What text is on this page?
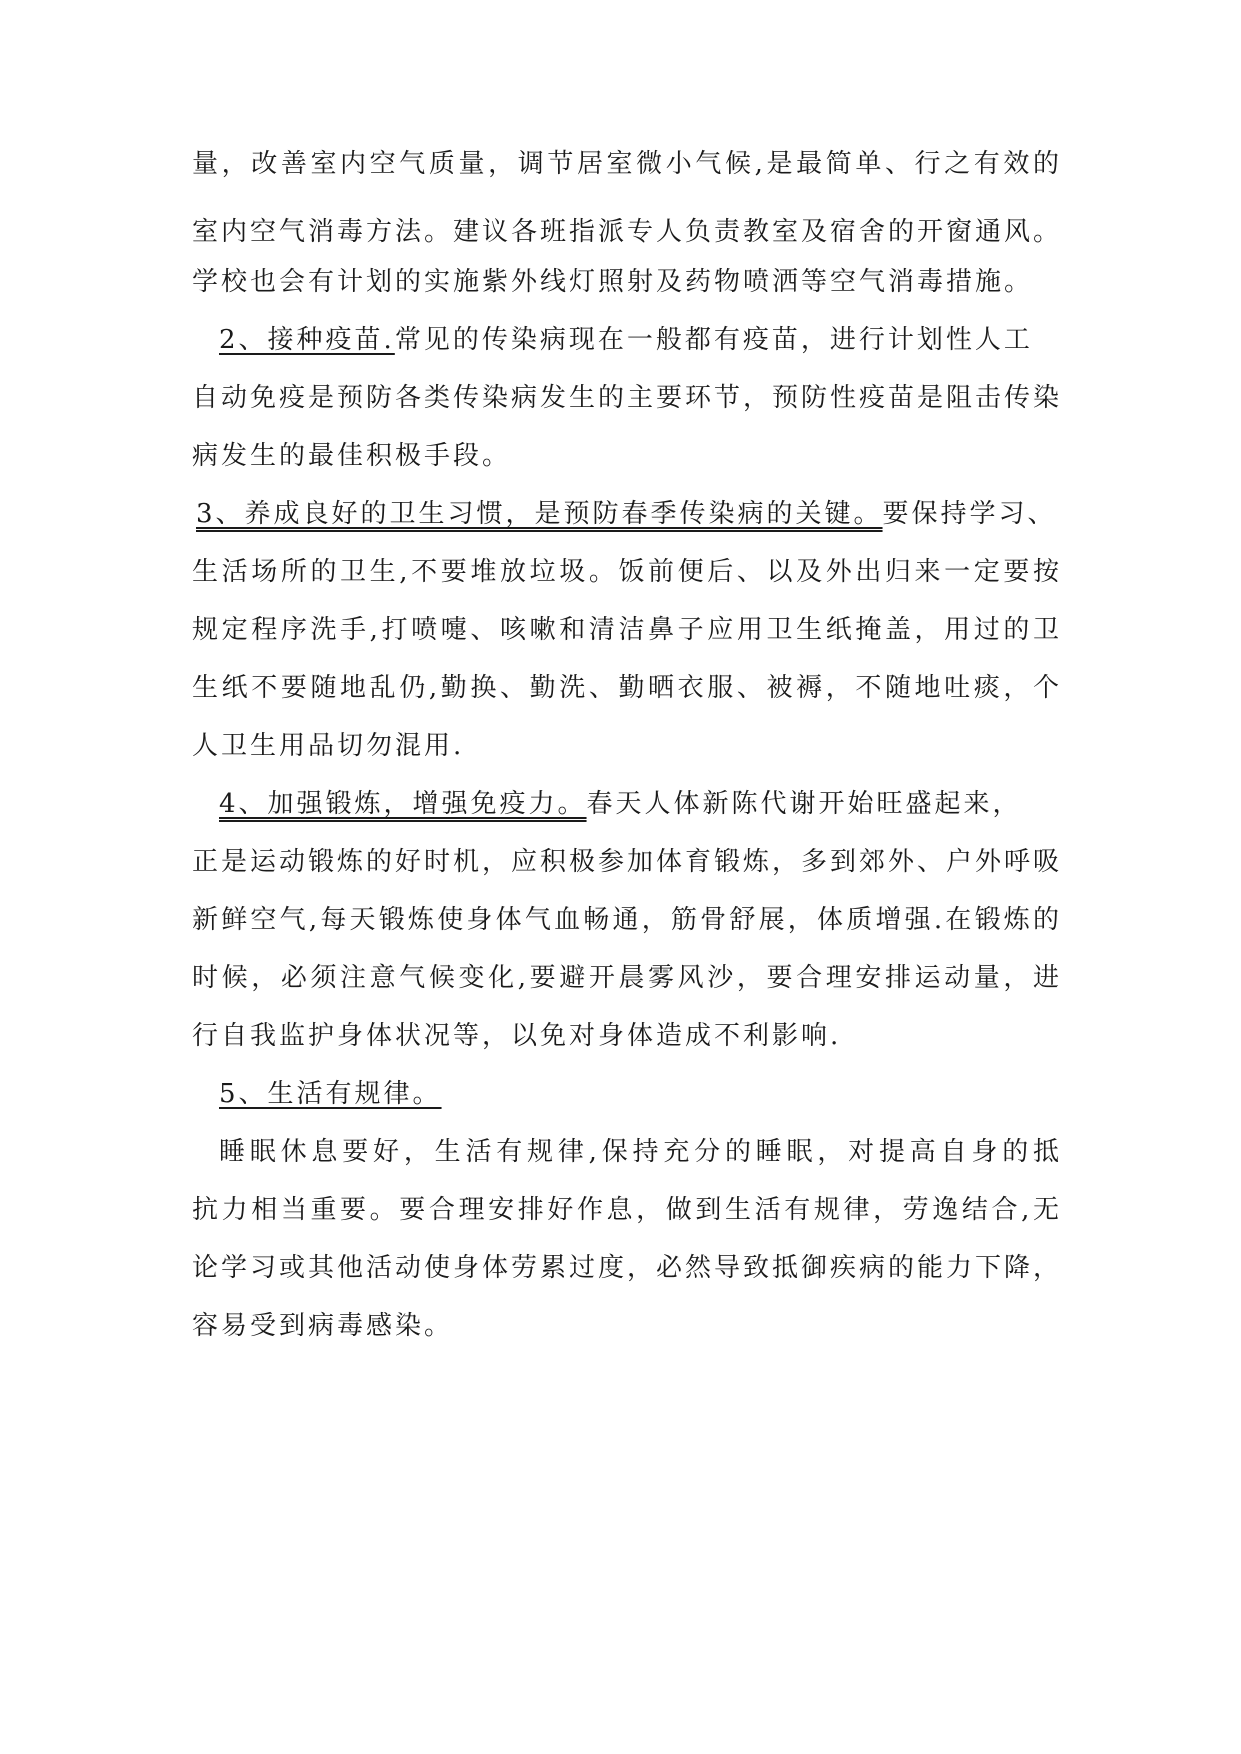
量，改善室内空气质量，调节居室微小气候,是最简单、行之有效的
室内空气消毒方法。建议各班指派专人负责教室及宿舍的开窗通风。
学校也会有计划的实施紫外线灯照射及药物喷洒等空气消毒措施。
2、接种疫苗.常见的传染病现在一般都有疫苗，进行计划性人工
自动免疫是预防各类传染病发生的主要环节，预防性疫苗是阻击传染
病发生的最佳积极手段。
3、养成良好的卫生习惯，是预防春季传染病的关键。要保持学习、
生活场所的卫生,不要堆放垃圾。饭前便后、以及外出归来一定要按
规定程序洗手,打喷嚏、咳嗽和清洁鼻子应用卫生纸掩盖，用过的卫
生纸不要随地乱仍,勤换、勤洗、勤晒衣服、被褥，不随地吐痰，个
人卫生用品切勿混用.
4、加强锻炼，增强免疫力。春天人体新陈代谢开始旺盛起来，
正是运动锻炼的好时机，应积极参加体育锻炼，多到郊外、户外呼吸
新鲜空气,每天锻炼使身体气血畅通，筋骨舒展，体质增强.在锻炼的
时候，必须注意气候变化,要避开晨雾风沙，要合理安排运动量，进
行自我监护身体状况等，以免对身体造成不利影响.
5、生活有规律。
睡眠休息要好，生活有规律,保持充分的睡眠，对提高自身的抵
抗力相当重要。要合理安排好作息，做到生活有规律，劳逸结合,无
论学习或其他活动使身体劳累过度，必然导致抵御疾病的能力下降，
容易受到病毒感染。
